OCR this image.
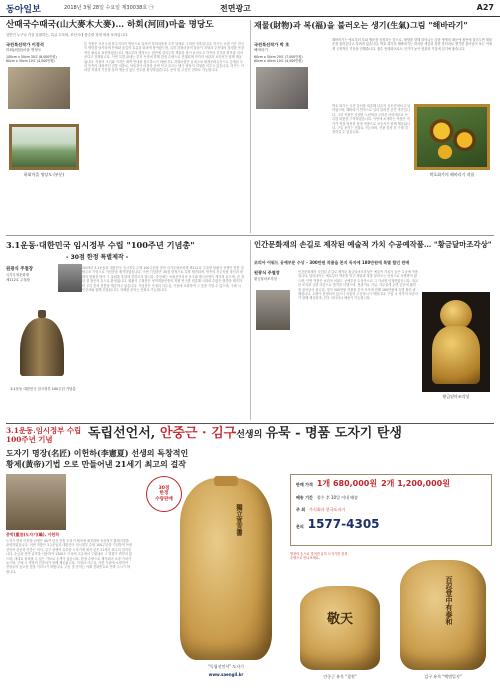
동아일보	2018년 3월 28일 수요일 제30038호 ㉠	전면광고	A27
산때국수때국(山大麥木大麥)… 하회(河回)마을 명당도
일반인 누구나 가실 입찰하는, 특급 수묵화, 조선시대 풍수를 상징 화폭 포착입니다.
국전특선작가 이경석
하회(河回)마을 명당도
100cm x 50cm 30호 (8,000만원)
60cm x 30cm 10호 (4,000만원)
하회마을 명당도 (부분)
본 작품은 조선시대 풍수지리의 명당으로 알려진 하회마을을 수묵 담채로 그려낸 작품입니다. 작가는 오랜 기간 전국의 명당을 답사하며 산세와 물길의 흐름을 화폭에 담아왔으며, 특히 하회마을의 물돌이 지형과 부용대의 절경을 독창적인 필치로 표현하였습니다. 예로부터 명당도는 집안에 걸어두면 재물과 복이 들어오고 가족의 건강과 화목을 지켜준다고 전해집니다. 이번 특별 판매는 본지 독자에 한해 한정 수량으로 진행되며 작가의 낙관과 보증서가 함께 제공됩니다. 작품의 크기와 가격은 좌측 안내를 참고하시기 바랍니다. 하회마을은 유네스코 세계문화유산으로 등재된 우리 민족의 대표적인 전통 마을로, 낙동강이 마을을 감싸 안고 흐르는 태극 형상의 지형을 이루고 있습니다. 작가는 이러한 지형의 기운을 살려 생동감 있는 산수를 완성하였습니다. 문의 및 주문은 전화로 가능합니다.
재물(財物)과 복(福)을 불러오는 생기(生氣)그림 "해바라기"
국전특선작가 박 호
해바라기
60cm x 50cm 20호 (7,000만원)
60cm x 40cm 10호 (4,500만원)
해바라기는 예로부터 부와 행운을 상징하는 꽃으로, 태양을 향해 피어나는 강한 생명력 때문에 집안에 걸어두면 재물운을 불러온다고 알려져 있습니다. 박호 화가의 해바라기는 화사한 색감과 힘찬 붓터치로 생기를 불어넣어 보는 이에게 긍정적인 기운을 전해줍니다. 풍수 인테리어로도 인기가 높아 현관과 거실에 걸기에 좋습니다.
박호화가의 해바라기 작품
박호 화가는 국전 특선을 비롯해 다수의 공모전에서 수상하였으며, 해바라기 연작으로 널리 알려진 중견 작가입니다. 그의 작품은 강렬한 노란색과 두터운 마티에르로 독특한 화풍을 구축하였습니다. 이번에 소개하는 작품은 작가가 직접 엄선한 한정 작품으로 보증서가 함께 제공됩니다. 구입 문의는 전화로 가능하며, 작품 감상 후 구매 결정하실 수 있습니다.
3.1운동·대한민국 임시정부 수립 "100주년 기념총"
- 30점 한정 특별제작 -
원광식 주철장
국가무형문화재
제112호 주철장
2019년 3.1운동과 대한민국 임시정부 수립 100주년을 맞아 국가무형문화재 제112호 주철장 원광식 선생이 전통 밀랍주조 기법으로 기념총을 제작하였습니다. 이번 기념총은 30점 한정으로 특별 제작되며, 민족의 자주독립 정신과 평화의 염원을 담아 그 울림을 후대에 전하고자 합니다. 종신에는 독립선언서의 문구와 태극문양이 새겨져 있으며, 한 점 한 점 장인의 손으로 완성됩니다. 원광식 주철장은 성덕대왕신종의 복원 연구를 비롯해 국내외 수많은 범종을 제작하여 우리 종의 전통을 계승하고 있습니다. 기념총은 가정과 사무실, 기관에 소장하여 그 뜻을 기릴 수 있으며, 구매 시 인증서와 함께 전달됩니다. 자세한 문의는 전화로 가능합니다.
3.1운동 대한민국 임시정부 100주년 기념총
인간문화재의 손길로 제작된 예술적 가치 수공예작품… "황금달마조각상"
코리아 어워드 공예부문 수상 – 300만원 작품을 본지 독자에 180만원에 특별 할인 판매
원광식 주철장
황금달마조각상
인간문화재의 숙련된 손길로 제작된 황금달마조각상은 예술적 가치가 높은 수공예 작품입니다. 달마대사는 예로부터 액운을 막고 재물과 복을 불러오는 상징으로 사랑받아 왔으며, 이번 작품은 코리아 어워드 공예부문 수상작으로 그 가치를 인정받았습니다. 정교한 조각과 금빛 마감으로 품격을 더했으며, 현관이나 거실, 사무실에 두면 공간에 활력을 불어넣어 줍니다. 정가 300만원 작품을 본지 독자에 한해 180만원에 특별 할인 판매합니다. 수량이 한정되어 있으니 서둘러 주문하시기 바랍니다. 구입 시 작가의 보증서가 함께 제공되며, 전국 어디서나 배송이 가능합니다.
황금달마조각상
3.1운동.임시정부 수립
100주년 기념	독립선언서, 안중근 · 김구선생의 유묵 - 명품 도자기 탄생
도자기 명장(名匠) 이헌하(李憲夏) 선생의 독창적인
황제(黃帝)기법 으로 만들어낸 21세기 최고의 걸작
중박(重泊)도자기(嶋), 이헌하
도자기 명장 이헌하 선생은 40여 년간 전통 도자기 제작에 매진하며 독창적인 황제기법을 완성하였습니다. 이번 작품은 3.1운동과 대한민국 임시정부 수립 100주년을 기념하여 독립선언서 전문과 안중근 의사, 김구 선생의 유묵을 도자기에 새겨 넣은 21세기 최고의 걸작입니다. 순금과 천연 유약을 사용하여 1300도 이상의 고온에서 구워내어 그 빛깔이 변하지 않으며, 대대로 물려줄 수 있는 가보로 손색이 없습니다. 한정 수량으로 제작되어 소장 가치가 높으며, 구매 시 명장의 인증서가 함께 제공됩니다. 가정과 사무실, 각종 기관에 소장하여 선열들의 숭고한 뜻을 기리시기 바랍니다. 주문 및 문의는 아래 전화번호로 연락 주시기 바랍니다.
30점
한정
수량판매
獨立宣言書
"독립선언서" 도자기
www.saengil.kr
판매 가격 1개 680,000원 2개 1,200,000원
배송 기간 접수 후 10일 이내 배송
주 최 주식회사 한국도자기
문의 1577-4305
명장의 손으로 빚어낸 유묵 도자기를 한정 수량으로 만나보세요.
敬天
안중근 유묵 "경천"
百忍堂中有泰和
김구 유묵 "백범일지"
